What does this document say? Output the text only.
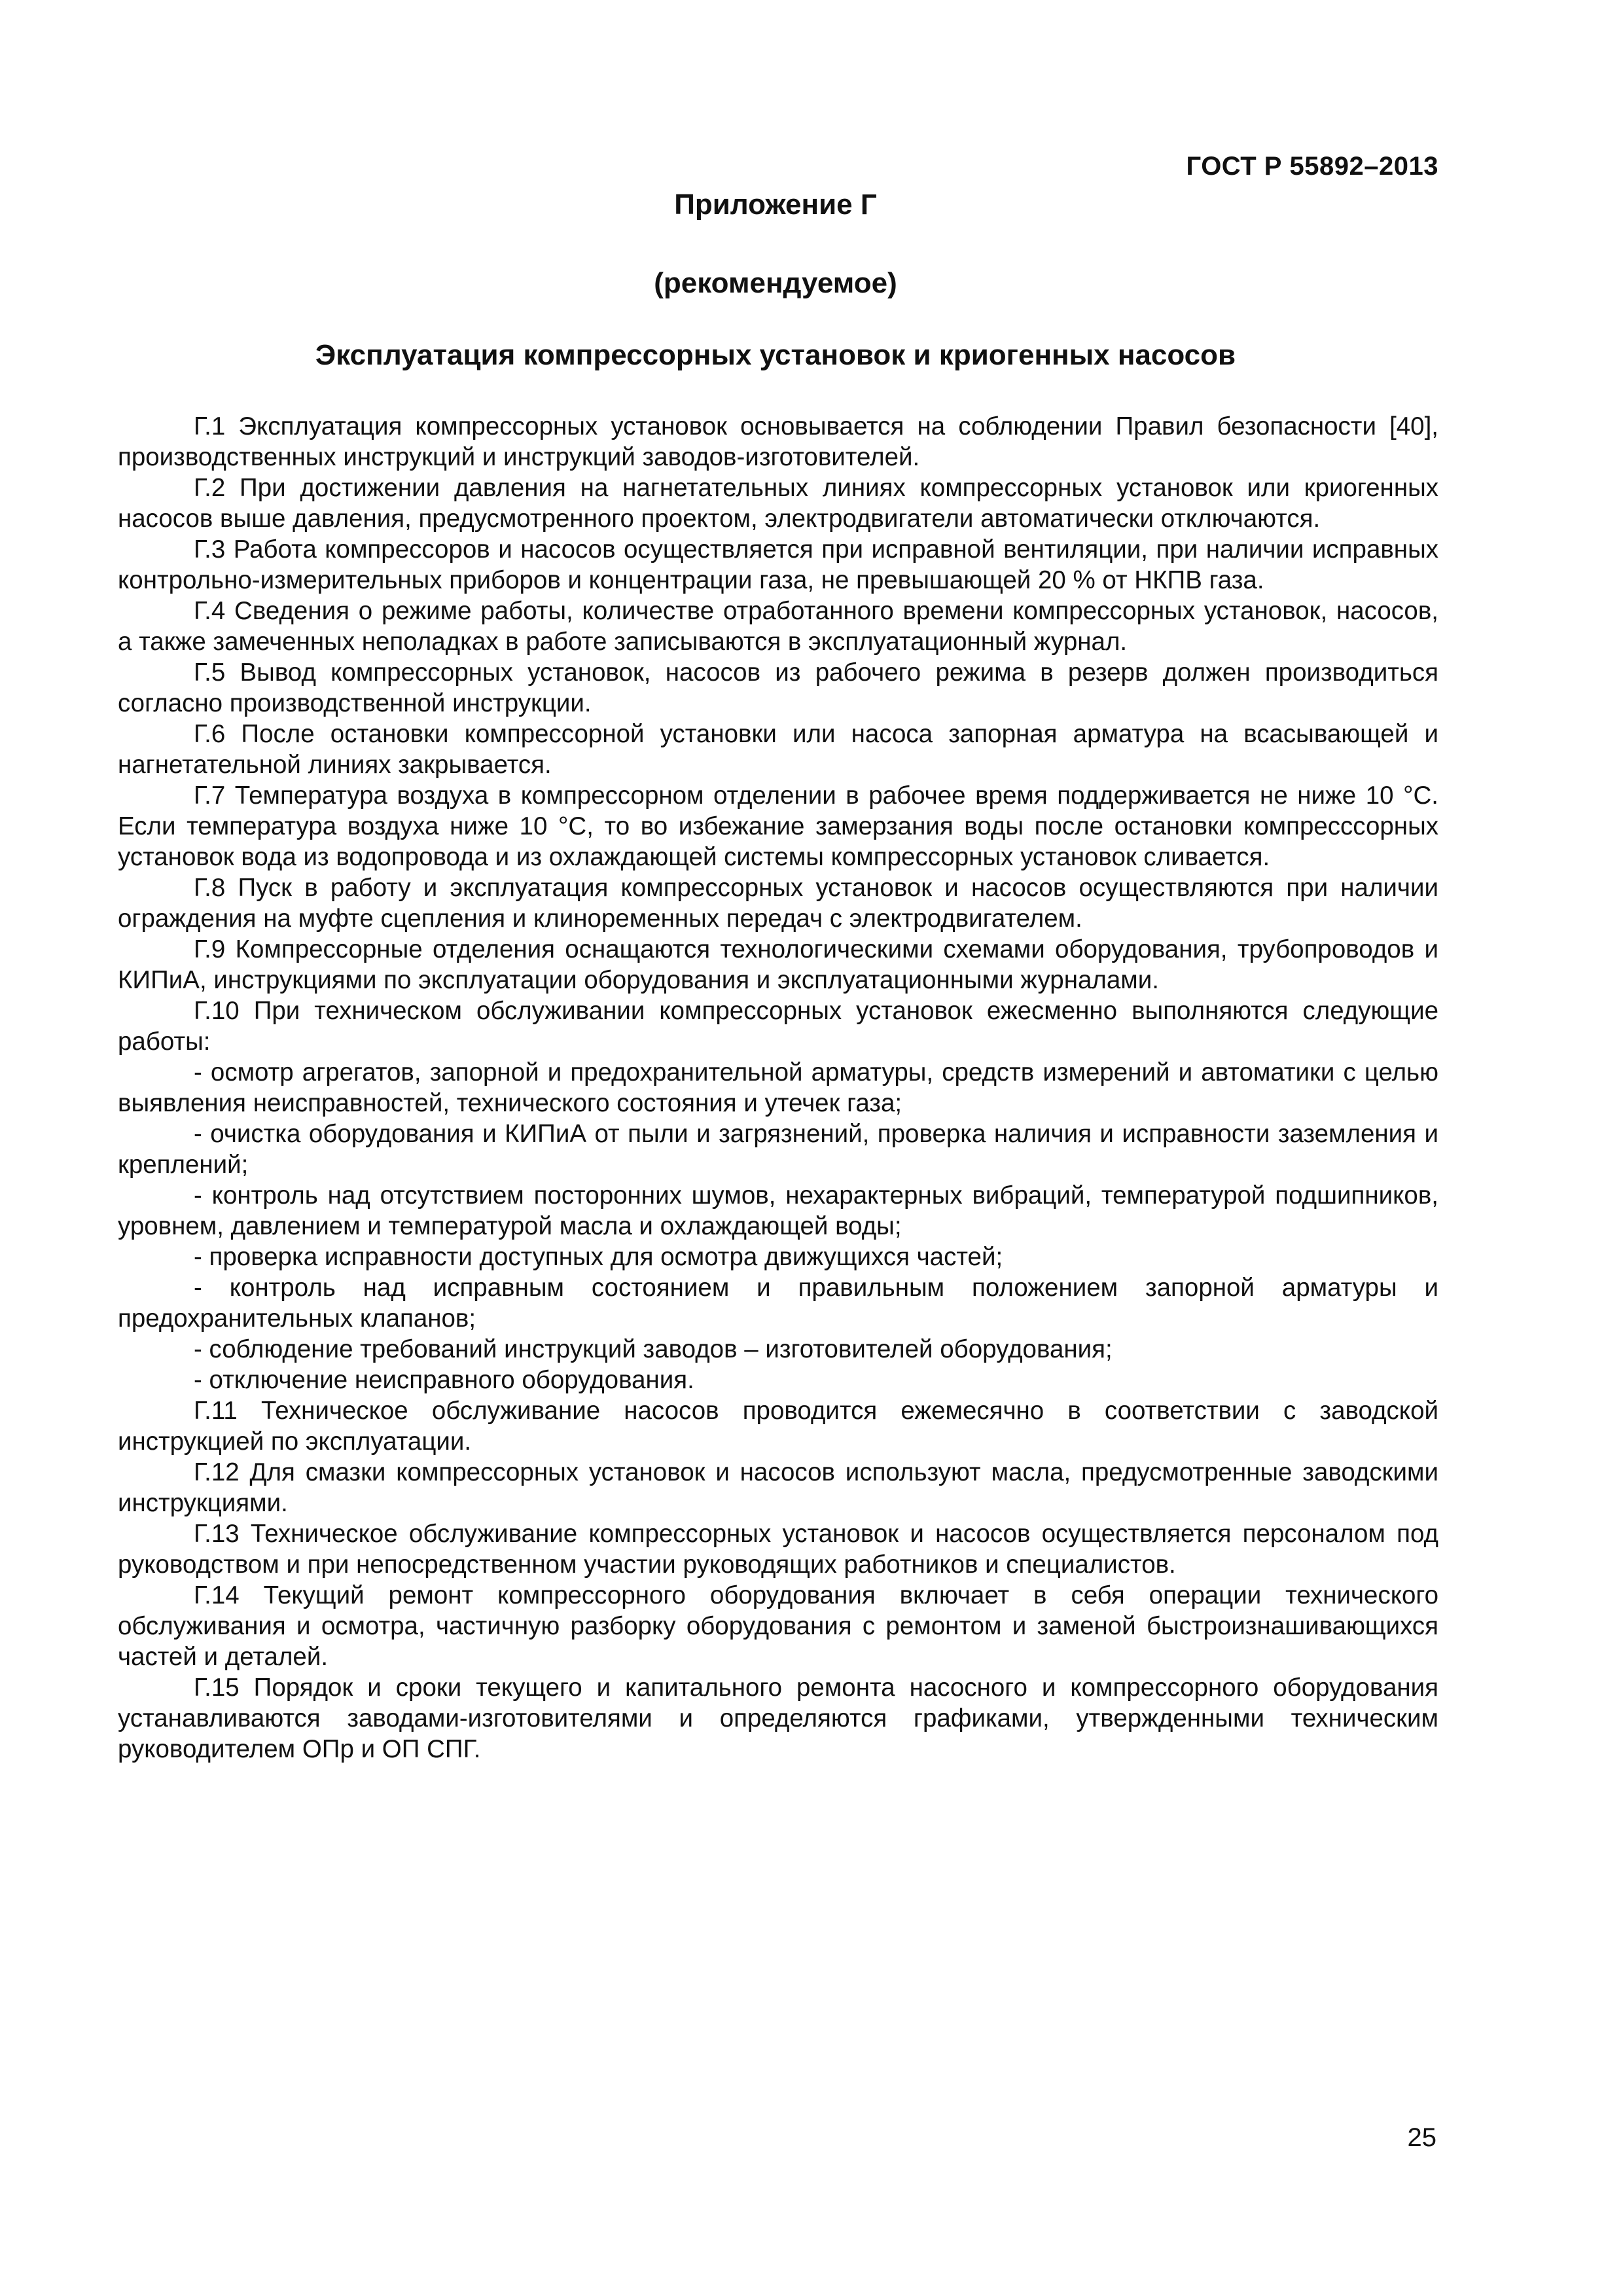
ГОСТ Р 55892–2013
Приложение Г
(рекомендуемое)
Эксплуатация компрессорных установок и криогенных насосов

Г.1 Эксплуатация компрессорных установок основывается на соблюдении Правил безопасности [40], производственных инструкций и инструкций заводов-изготовителей.

Г.2 При достижении давления на нагнетательных линиях компрессорных установок или криогенных насосов выше давления, предусмотренного проектом, электродвигатели автоматически отключаются.

Г.3 Работа компрессоров и насосов осуществляется при исправной вентиляции, при наличии исправных контрольно-измерительных приборов и концентрации газа, не превышающей 20 % от НКПВ газа.

Г.4 Сведения о режиме работы, количестве отработанного времени компрессорных установок, насосов, а также замеченных неполадках в работе записываются в эксплуатационный журнал.

Г.5 Вывод компрессорных установок, насосов из рабочего режима в резерв должен производиться согласно производственной инструкции.

Г.6 После остановки компрессорной установки или насоса запорная арматура на всасывающей и нагнетательной линиях закрывается.

Г.7 Температура воздуха в компрессорном отделении в рабочее время поддерживается не ниже 10 °С. Если температура воздуха ниже 10 °С, то во избежание замерзания воды после остановки компресссорных установок вода из водопровода и из охлаждающей системы компрессорных установок сливается.

Г.8 Пуск в работу и эксплуатация компрессорных установок и насосов осуществляются при наличии ограждения на муфте сцепления и клиноременных передач с электродвигателем.

Г.9 Компрессорные отделения оснащаются технологическими схемами оборудования, трубопроводов и КИПиА, инструкциями по эксплуатации оборудования и эксплуатационными журналами.

Г.10 При техническом обслуживании компрессорных установок ежесменно выполняются следующие работы:

- осмотр агрегатов, запорной и предохранительной арматуры, средств измерений и автоматики с целью выявления неисправностей, технического состояния и утечек газа;

- очистка оборудования и КИПиА от пыли и загрязнений, проверка наличия и исправности заземления и креплений;

- контроль над отсутствием посторонних шумов, нехарактерных вибраций, температурой подшипников, уровнем, давлением и температурой масла и охлаждающей воды;

- проверка исправности доступных для осмотра движущихся частей;

- контроль над исправным состоянием и правильным положением запорной арматуры и предохранительных клапанов;

- соблюдение требований инструкций заводов – изготовителей оборудования;

- отключение неисправного оборудования.

Г.11 Техническое обслуживание насосов проводится ежемесячно в соответствии с заводской инструкцией по эксплуатации.

Г.12 Для смазки компрессорных установок и насосов используют масла, предусмотренные заводскими инструкциями.

Г.13 Техническое обслуживание компрессорных установок и насосов осуществляется персоналом под руководством и при непосредственном участии руководящих работников и специалистов.

Г.14 Текущий ремонт компрессорного оборудования включает в себя операции технического обслуживания и осмотра, частичную разборку оборудования с ремонтом и заменой быстроизнашивающихся частей и деталей.

Г.15 Порядок и сроки текущего и капитального ремонта насосного и компрессорного оборудования устанавливаются заводами-изготовителями и определяются графиками, утвержденными техническим руководителем ОПр и ОП СПГ.

25
